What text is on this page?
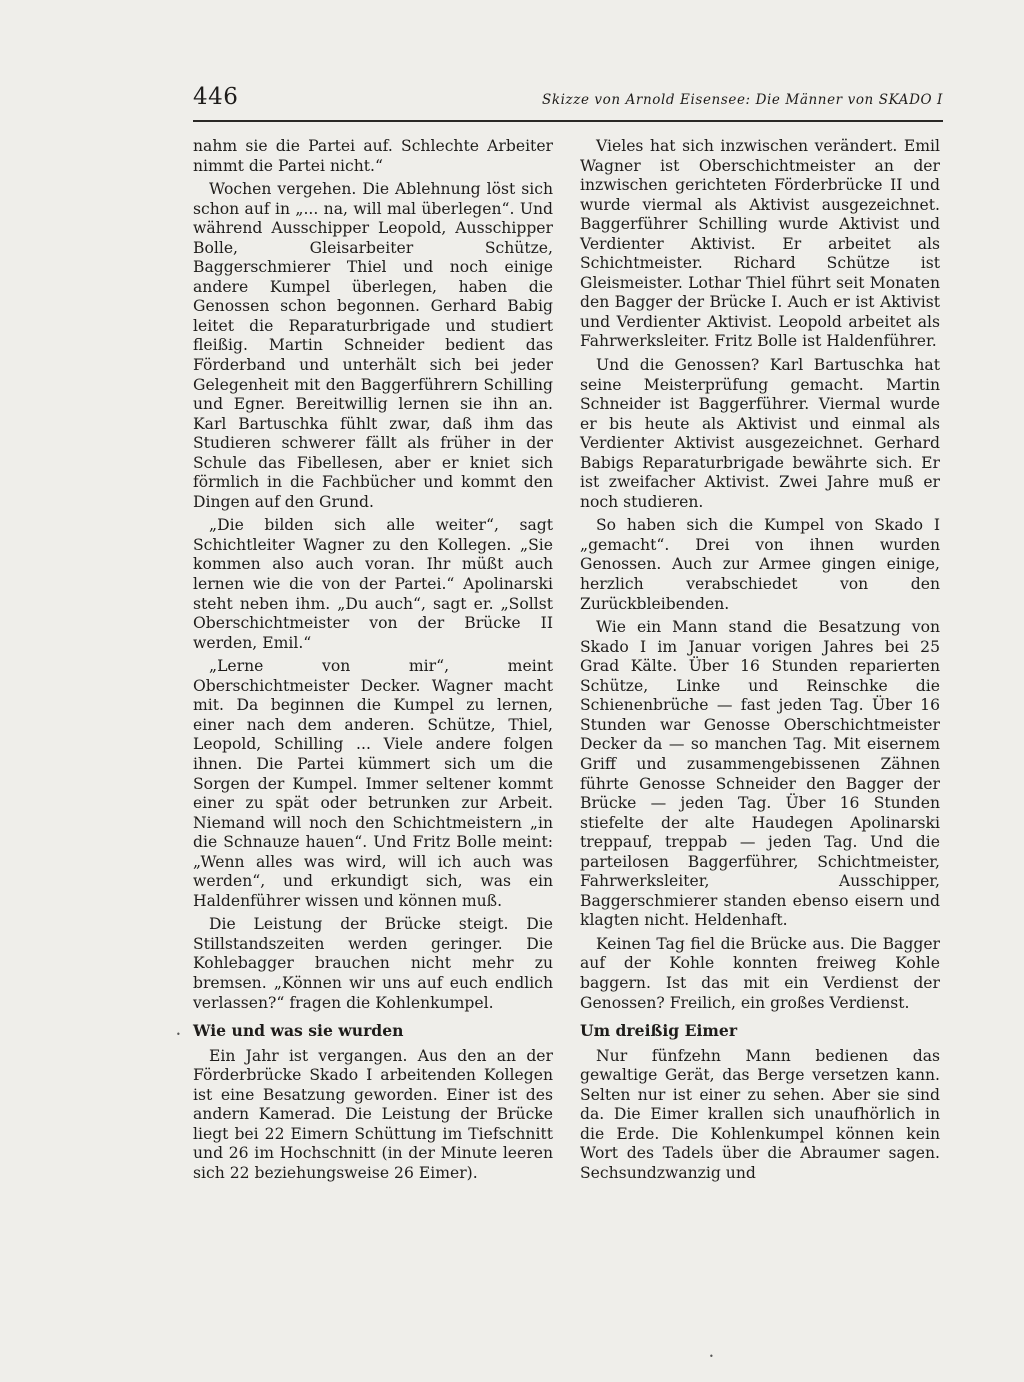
446	Skizze von Arnold Eisensee: Die Männer von SKADO I

nahm sie die Partei auf. Schlechte Arbeiter nimmt die Partei nicht.“

Wochen vergehen. Die Ablehnung löst sich schon auf in „... na, will mal überlegen“. Und während Ausschipper Leopold, Ausschipper Bolle, Gleisarbeiter Schütze, Baggerschmierer Thiel und noch einige andere Kumpel überlegen, haben die Genossen schon begonnen. Gerhard Babig leitet die Reparaturbrigade und studiert fleißig. Martin Schneider bedient das Förderband und unterhält sich bei jeder Gelegenheit mit den Baggerführern Schilling und Egner. Bereitwillig lernen sie ihn an. Karl Bartuschka fühlt zwar, daß ihm das Studieren schwerer fällt als früher in der Schule das Fibellesen, aber er kniet sich förmlich in die Fachbücher und kommt den Dingen auf den Grund.

„Die bilden sich alle weiter“, sagt Schichtleiter Wagner zu den Kollegen. „Sie kommen also auch voran. Ihr müßt auch lernen wie die von der Partei.“ Apolinarski steht neben ihm. „Du auch“, sagt er. „Sollst Oberschichtmeister von der Brücke II werden, Emil.“

„Lerne von mir“, meint Oberschichtmeister Decker. Wagner macht mit. Da beginnen die Kumpel zu lernen, einer nach dem anderen. Schütze, Thiel, Leopold, Schilling ... Viele andere folgen ihnen. Die Partei kümmert sich um die Sorgen der Kumpel. Immer seltener kommt einer zu spät oder betrunken zur Arbeit. Niemand will noch den Schichtmeistern „in die Schnauze hauen“. Und Fritz Bolle meint: „Wenn alles was wird, will ich auch was werden“, und erkundigt sich, was ein Haldenführer wissen und können muß.

Die Leistung der Brücke steigt. Die Stillstandszeiten werden geringer. Die Kohlebagger brauchen nicht mehr zu bremsen. „Können wir uns auf euch endlich verlassen?“ fragen die Kohlenkumpel.

Wie und was sie wurden

Ein Jahr ist vergangen. Aus den an der Förderbrücke Skado I arbeitenden Kollegen ist eine Besatzung geworden. Einer ist des andern Kamerad. Die Leistung der Brücke liegt bei 22 Eimern Schüttung im Tiefschnitt und 26 im Hochschnitt (in der Minute leeren sich 22 beziehungsweise 26 Eimer).

Vieles hat sich inzwischen verändert. Emil Wagner ist Oberschichtmeister an der inzwischen gerichteten Förderbrücke II und wurde viermal als Aktivist ausgezeichnet. Baggerführer Schilling wurde Aktivist und Verdienter Aktivist. Er arbeitet als Schichtmeister. Richard Schütze ist Gleismeister. Lothar Thiel führt seit Monaten den Bagger der Brücke I. Auch er ist Aktivist und Verdienter Aktivist. Leopold arbeitet als Fahrwerksleiter. Fritz Bolle ist Haldenführer.

Und die Genossen? Karl Bartuschka hat seine Meisterprüfung gemacht. Martin Schneider ist Baggerführer. Viermal wurde er bis heute als Aktivist und einmal als Verdienter Aktivist ausgezeichnet. Gerhard Babigs Reparaturbrigade bewährte sich. Er ist zweifacher Aktivist. Zwei Jahre muß er noch studieren.

So haben sich die Kumpel von Skado I „gemacht“. Drei von ihnen wurden Genossen. Auch zur Armee gingen einige, herzlich verabschiedet von den Zurückbleibenden.

Wie ein Mann stand die Besatzung von Skado I im Januar vorigen Jahres bei 25 Grad Kälte. Über 16 Stunden reparierten Schütze, Linke und Reinschke die Schienenbrüche — fast jeden Tag. Über 16 Stunden war Genosse Oberschichtmeister Decker da — so manchen Tag. Mit eisernem Griff und zusammengebissenen Zähnen führte Genosse Schneider den Bagger der Brücke — jeden Tag. Über 16 Stunden stiefelte der alte Haudegen Apolinarski treppauf, treppab — jeden Tag. Und die parteilosen Baggerführer, Schichtmeister, Fahrwerksleiter, Ausschipper, Baggerschmierer standen ebenso eisern und klagten nicht. Heldenhaft.

Keinen Tag fiel die Brücke aus. Die Bagger auf der Kohle konnten freiweg Kohle baggern. Ist das mit ein Verdienst der Genossen? Freilich, ein großes Verdienst.

Um dreißig Eimer

Nur fünfzehn Mann bedienen das gewaltige Gerät, das Berge versetzen kann. Selten nur ist einer zu sehen. Aber sie sind da. Die Eimer krallen sich unaufhörlich in die Erde. Die Kohlenkumpel können kein Wort des Tadels über die Abraumer sagen. Sechsundzwanzig und

•
•
